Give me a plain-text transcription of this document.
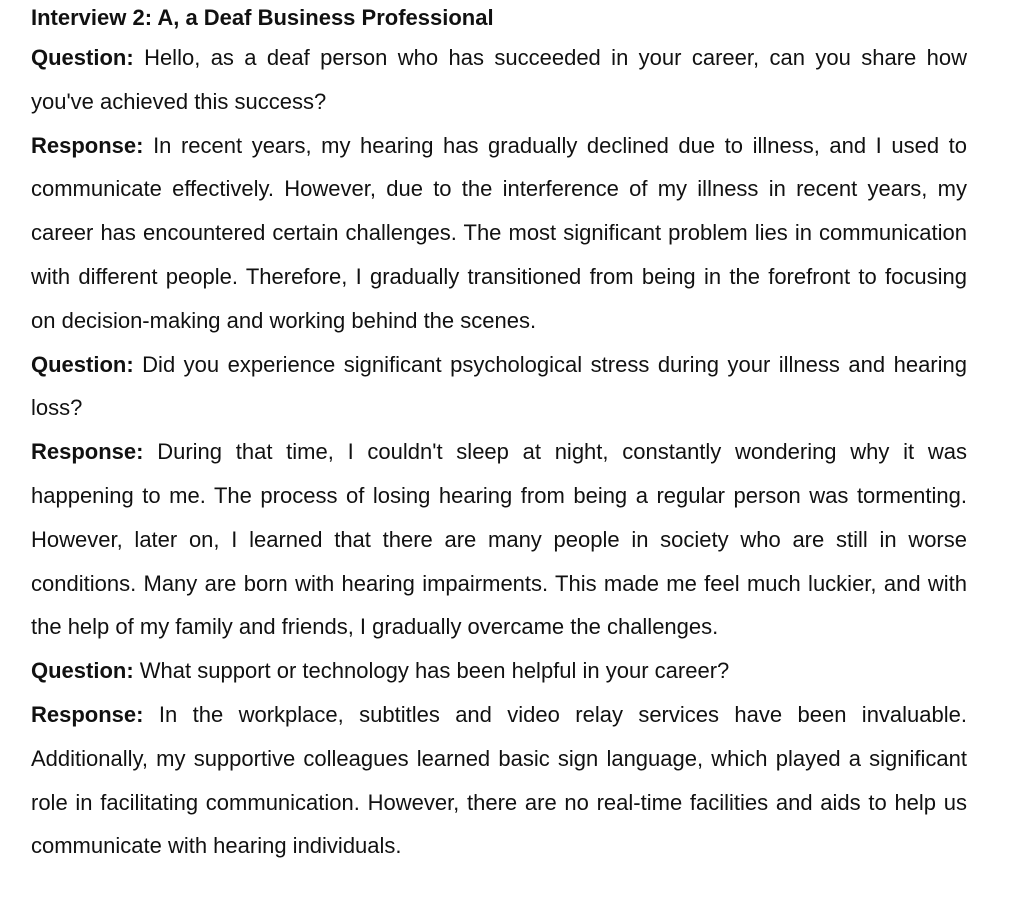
Interview 2: A, a Deaf Business Professional

Question: Hello, as a deaf person who has succeeded in your career, can you share how you've achieved this success?

Response: In recent years, my hearing has gradually declined due to illness, and I used to communicate effectively. However, due to the interference of my illness in recent years, my career has encountered certain challenges. The most significant problem lies in communication with different people. Therefore, I gradually transitioned from being in the forefront to focusing on decision-making and working behind the scenes.

Question: Did you experience significant psychological stress during your illness and hearing loss?

Response: During that time, I couldn't sleep at night, constantly wondering why it was happening to me. The process of losing hearing from being a regular person was tormenting. However, later on, I learned that there are many people in society who are still in worse conditions. Many are born with hearing impairments. This made me feel much luckier, and with the help of my family and friends, I gradually overcame the challenges.

Question: What support or technology has been helpful in your career?

Response: In the workplace, subtitles and video relay services have been invaluable. Additionally, my supportive colleagues learned basic sign language, which played a significant role in facilitating communication. However, there are no real-time facilities and aids to help us communicate with hearing individuals.
